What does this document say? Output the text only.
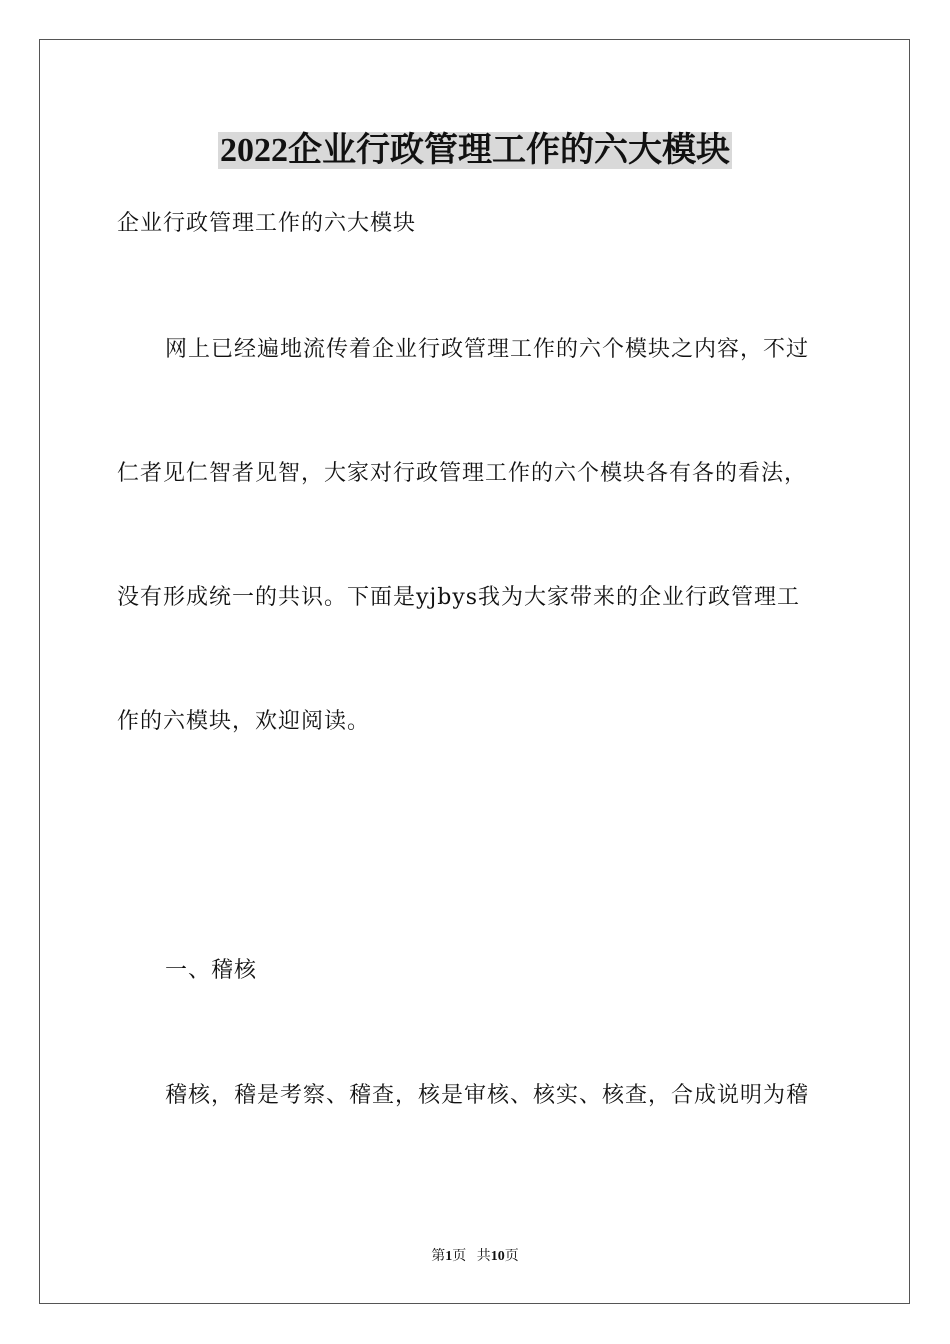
2022企业行政管理工作的六大模块
企业行政管理工作的六大模块
网上已经遍地流传着企业行政管理工作的六个模块之内容，不过
仁者见仁智者见智，大家对行政管理工作的六个模块各有各的看法，
没有形成统一的共识。下面是yjbys我为大家带来的企业行政管理工
作的六模块，欢迎阅读。
一、稽核
稽核，稽是考察、稽查，核是审核、核实、核查，合成说明为稽
第1页 共10页
